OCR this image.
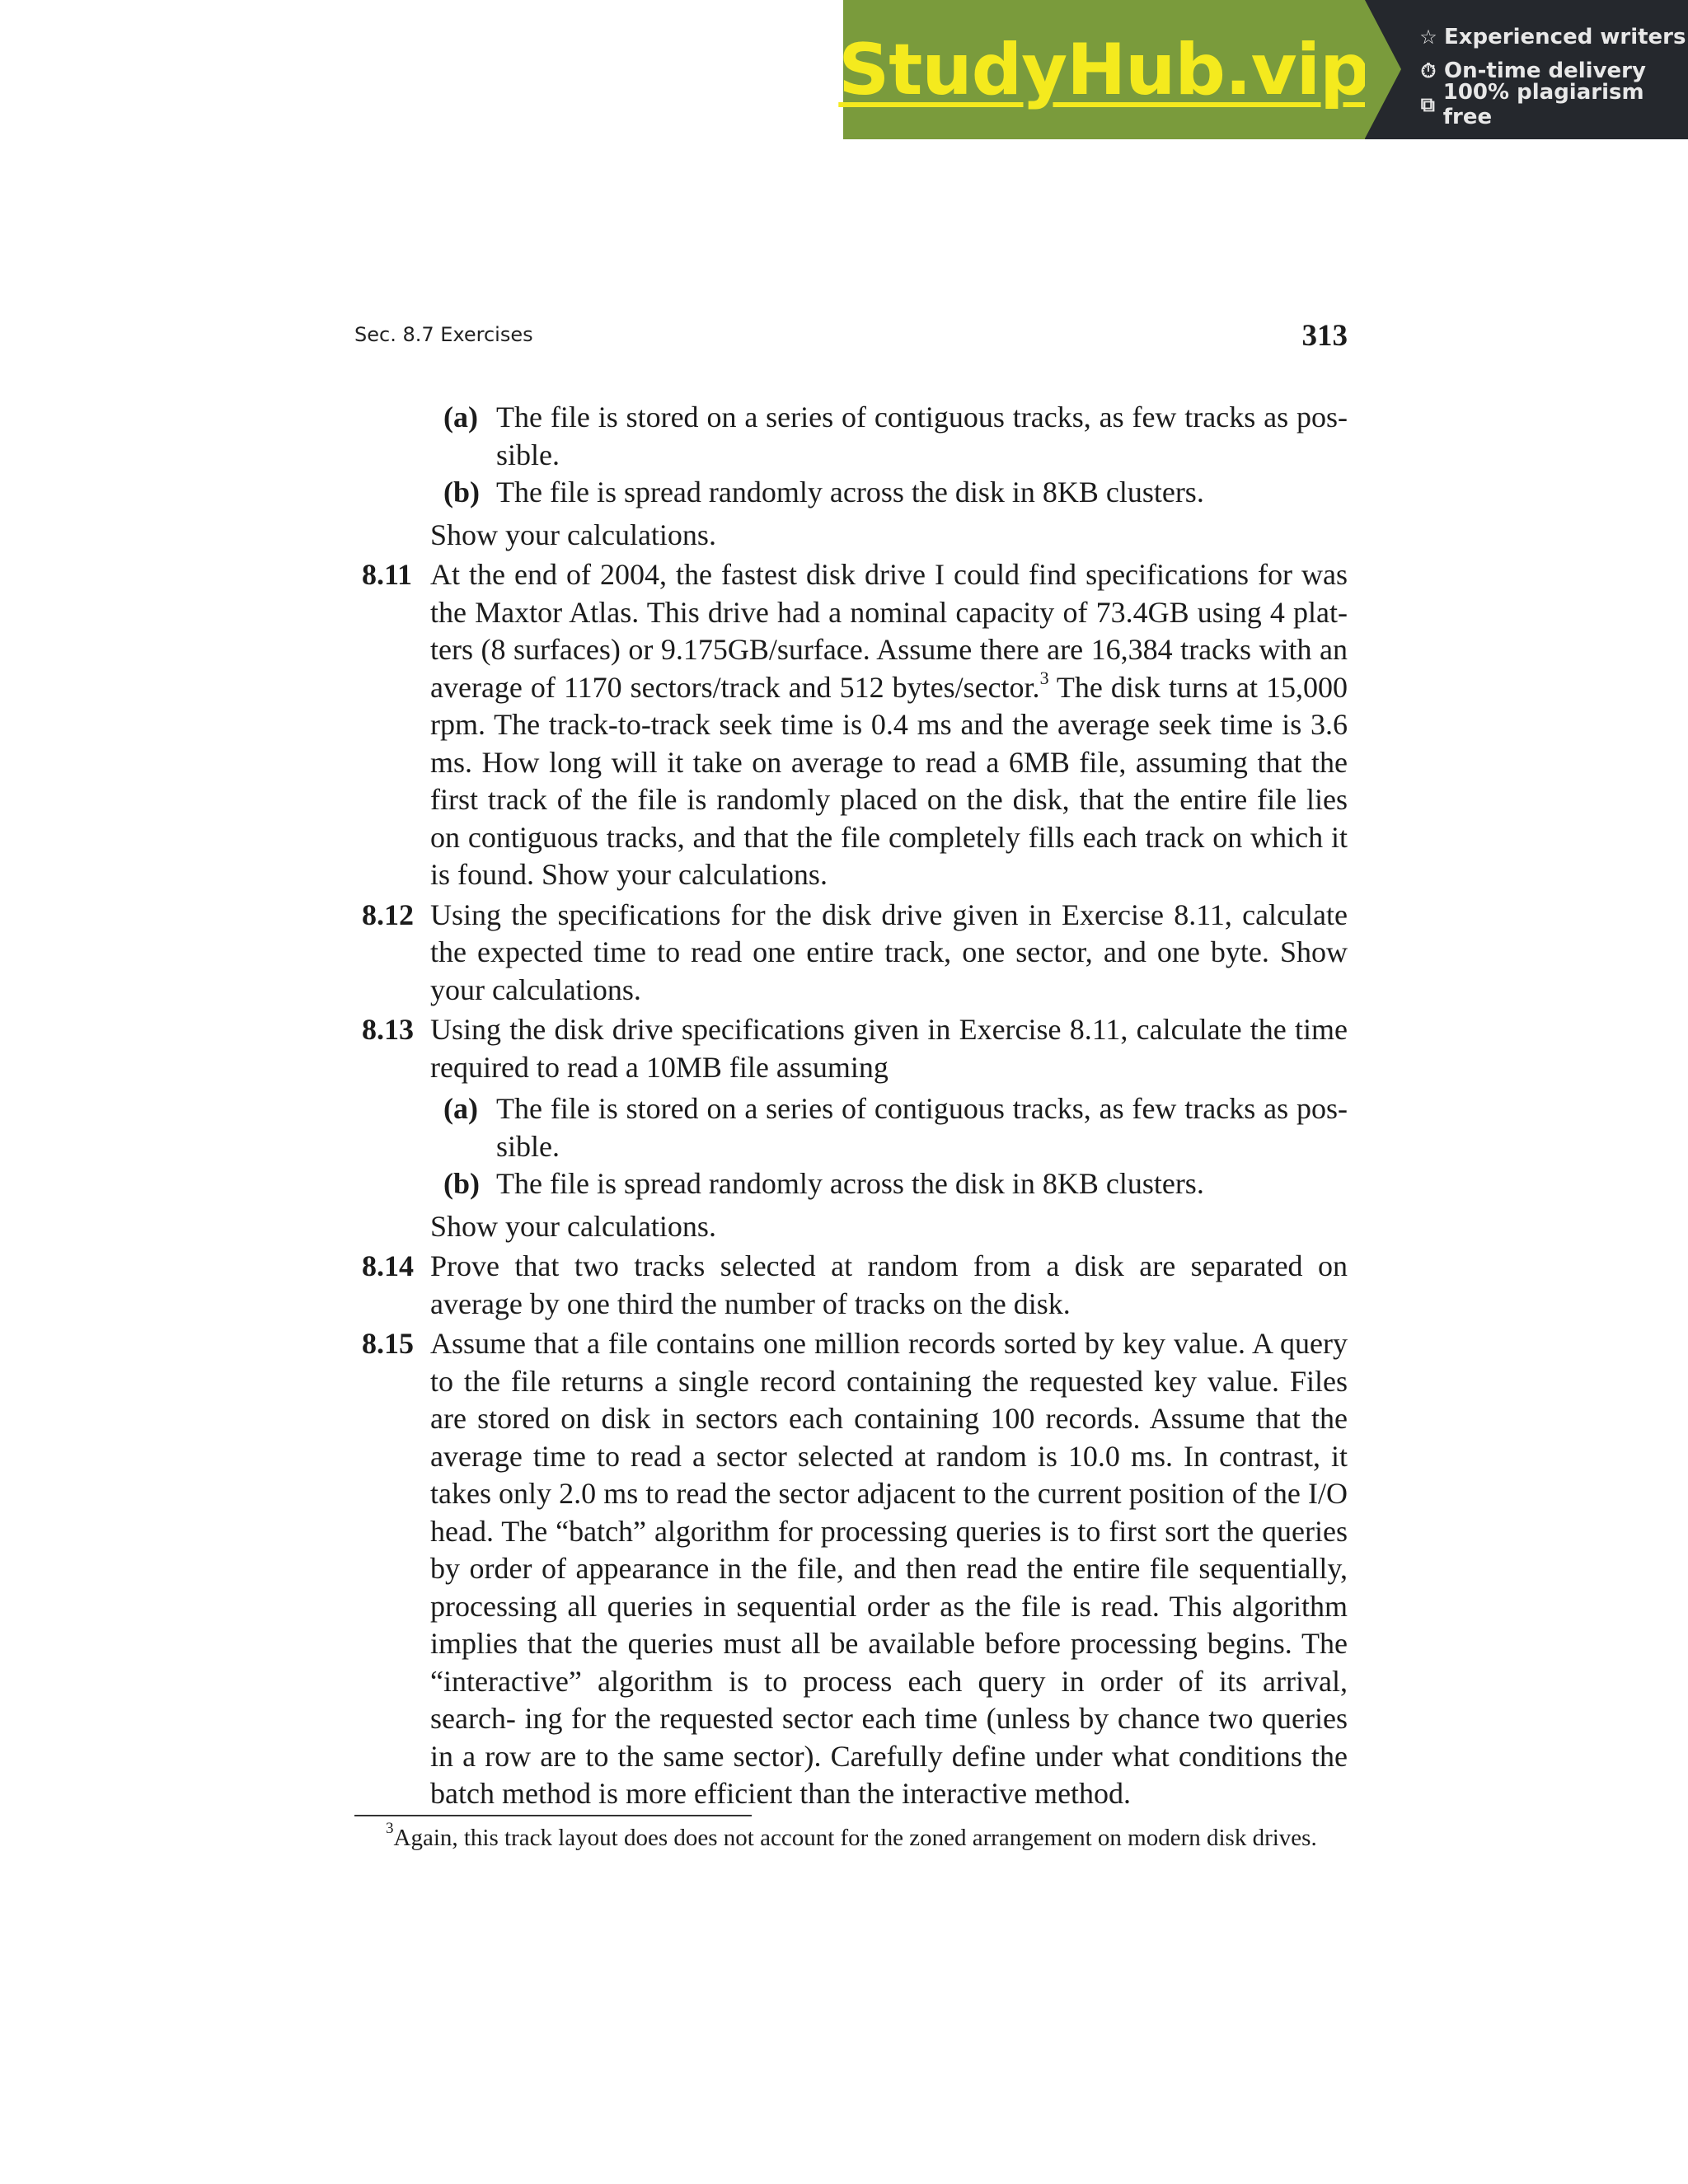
StudyHub.vip	☆ Experienced writers
⏱ On-time delivery
⧉ 100% plagiarism free
Sec. 8.7 Exercises	313
(a) The file is stored on a series of contiguous tracks, as few tracks as pos- sible.
(b) The file is spread randomly across the disk in 8KB clusters.
Show your calculations.
8.11 At the end of 2004, the fastest disk drive I could find specifications for was the Maxtor Atlas. This drive had a nominal capacity of 73.4GB using 4 plat- ters (8 surfaces) or 9.175GB/surface. Assume there are 16,384 tracks with an average of 1170 sectors/track and 512 bytes/sector.$^3$ The disk turns at 15,000 rpm. The track-to-track seek time is 0.4 ms and the average seek time is 3.6 ms. How long will it take on average to read a 6MB file, assuming that the first track of the file is randomly placed on the disk, that the entire file lies on contiguous tracks, and that the file completely fills each track on which it is found. Show your calculations.
8.12 Using the specifications for the disk drive given in Exercise 8.11, calculate the expected time to read one entire track, one sector, and one byte. Show your calculations.
8.13 Using the disk drive specifications given in Exercise 8.11, calculate the time required to read a 10MB file assuming
(a) The file is stored on a series of contiguous tracks, as few tracks as pos- sible.
(b) The file is spread randomly across the disk in 8KB clusters.
Show your calculations.
8.14 Prove that two tracks selected at random from a disk are separated on average by one third the number of tracks on the disk.
8.15 Assume that a file contains one million records sorted by key value. A query to the file returns a single record containing the requested key value. Files are stored on disk in sectors each containing 100 records. Assume that the average time to read a sector selected at random is 10.0 ms. In contrast, it takes only 2.0 ms to read the sector adjacent to the current position of the I/O head. The “batch” algorithm for processing queries is to first sort the queries by order of appearance in the file, and then read the entire file sequentially, processing all queries in sequential order as the file is read. This algorithm implies that the queries must all be available before processing begins. The “interactive” algorithm is to process each query in order of its arrival, search- ing for the requested sector each time (unless by chance two queries in a row are to the same sector). Carefully define under what conditions the batch method is more efficient than the interactive method.
$^3$Again, this track layout does does not account for the zoned arrangement on modern disk drives.
